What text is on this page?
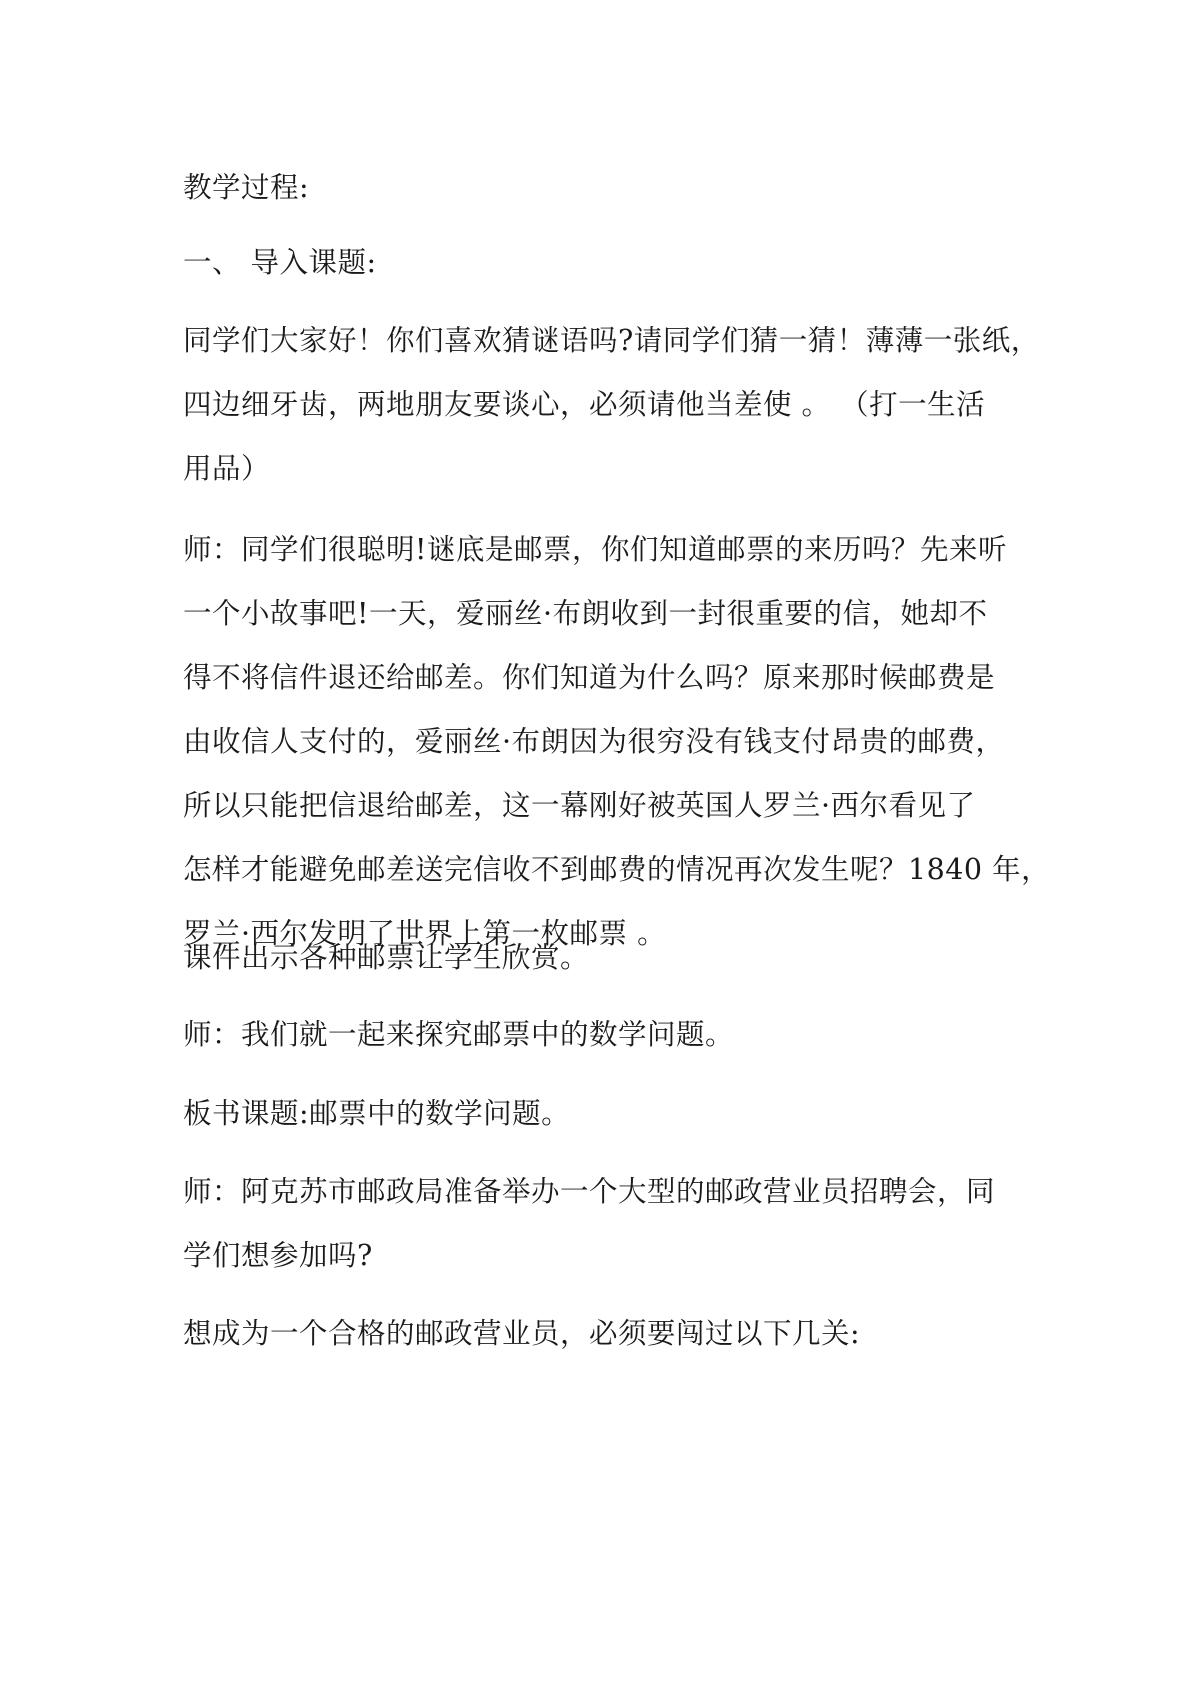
教学过程:

一、 导入课题:

同学们大家好！你们喜欢猜谜语吗?请同学们猜一猜！薄薄一张纸，
四边细牙齿，两地朋友要谈心，必须请他当差使 。 （打一生活
用品）

师：同学们很聪明!谜底是邮票，你们知道邮票的来历吗？先来听
一个小故事吧!一天，爱丽丝·布朗收到一封很重要的信，她却不
得不将信件退还给邮差。你们知道为什么吗？原来那时候邮费是
由收信人支付的，爱丽丝·布朗因为很穷没有钱支付昂贵的邮费，
所以只能把信退给邮差，这一幕刚好被英国人罗兰·西尔看见了
怎样才能避免邮差送完信收不到邮费的情况再次发生呢？1840 年，
罗兰·西尔发明了世界上第一枚邮票 。

课件出示各种邮票让学生欣赏。

师：我们就一起来探究邮票中的数学问题。

板书课题:邮票中的数学问题。

师：阿克苏市邮政局准备举办一个大型的邮政营业员招聘会，同
学们想参加吗?

想成为一个合格的邮政营业员，必须要闯过以下几关:
